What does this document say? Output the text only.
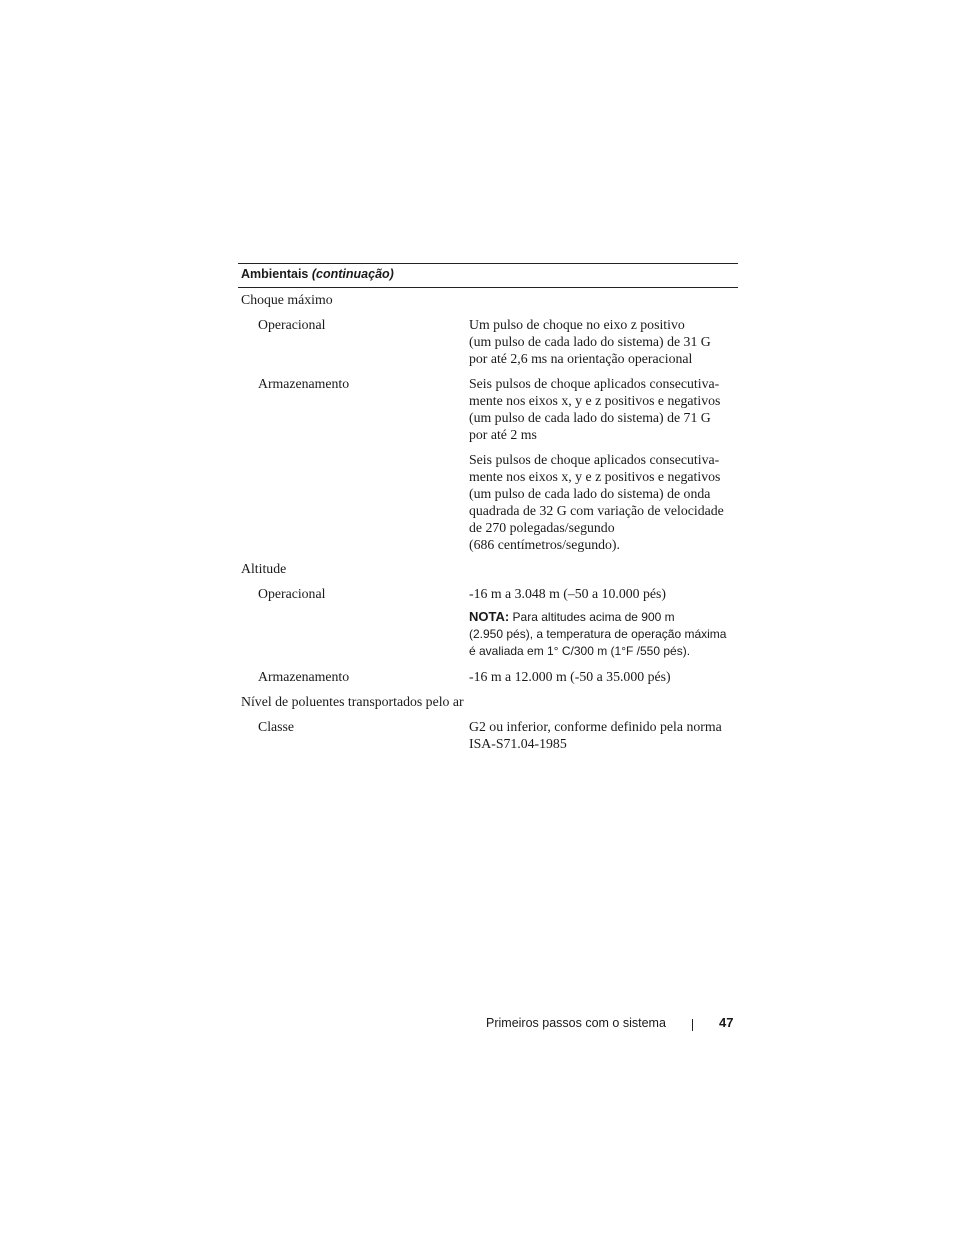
Ambientais (continuação)
Choque máximo
Operacional	Um pulso de choque no eixo z positivo
(um pulso de cada lado do sistema) de 31 G
por até 2,6 ms na orientação operacional
Armazenamento	Seis pulsos de choque aplicados consecutiva-
mente nos eixos x, y e z positivos e negativos
(um pulso de cada lado do sistema) de 71 G
por até 2 ms
Seis pulsos de choque aplicados consecutiva-
mente nos eixos x, y e z positivos e negativos
(um pulso de cada lado do sistema) de onda
quadrada de 32 G com variação de velocidade
de 270 polegadas/segundo
(686 centímetros/segundo).
Altitude
Operacional	-16 m a 3.048 m (–50 a 10.000 pés)
NOTA: Para altitudes acima de 900 m
(2.950 pés), a temperatura de operação máxima
é avaliada em 1° C/300 m (1°F /550 pés).
Armazenamento	-16 m a 12.000 m (-50 a 35.000 pés)
Nível de poluentes transportados pelo ar
Classe	G2 ou inferior, conforme definido pela norma
ISA-S71.04-1985
Primeiros passos com o sistema	47
